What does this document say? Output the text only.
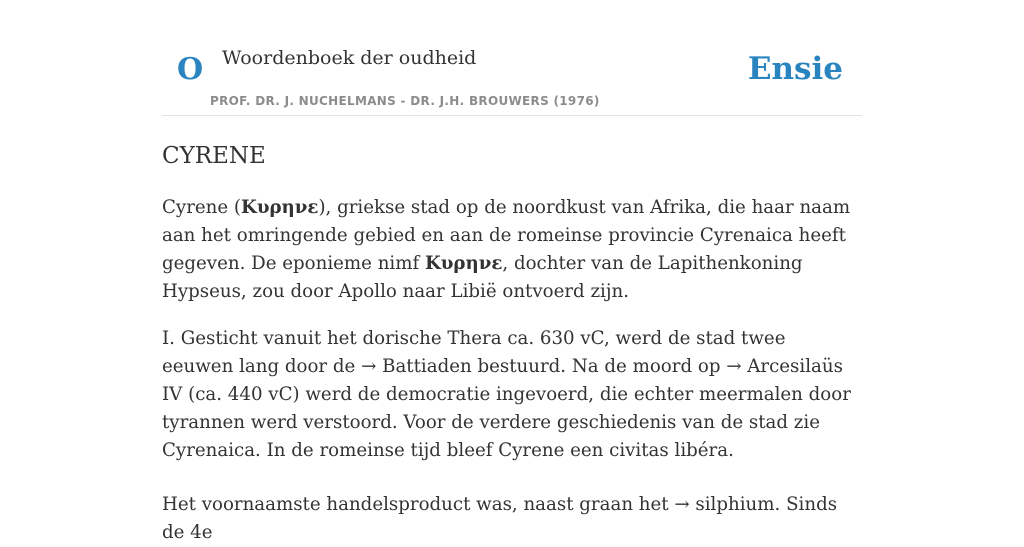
O Woordenboek der oudheid	Ensie
PROF. DR. J. NUCHELMANS - DR. J.H. BROUWERS (1976)
CYRENE

Cyrene (Κυρηνε), griekse stad op de noordkust van Afrika, die haar naam aan het omringende gebied en aan de romeinse provincie Cyrenaica heeft gegeven. De eponieme nimf Κυρηνε, dochter van de Lapithenkoning Hypseus, zou door Apollo naar Libië ontvoerd zijn.

I. Gesticht vanuit het dorische Thera ca. 630 vC, werd de stad twee eeuwen lang door de → Battiaden bestuurd. Na de moord op → Arcesilaüs IV (ca. 440 vC) werd de democratie ingevoerd, die echter meermalen door tyrannen werd verstoord. Voor de verdere geschiedenis van de stad zie Cyrenaica. In de romeinse tijd bleef Cyrene een civitas libéra.

Het voornaamste handelsproduct was, naast graan het → silphium. Sinds de 4e
